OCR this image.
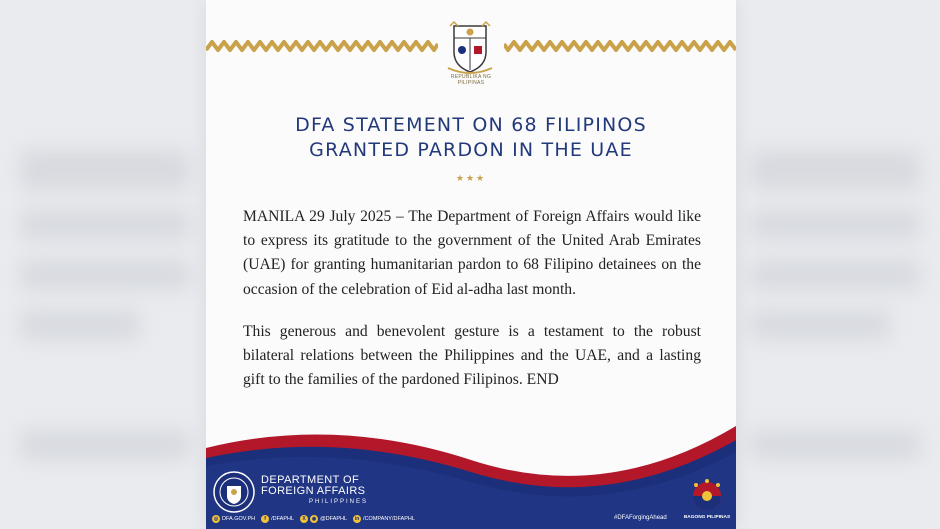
REPUBLIKA NG PILIPINAS
DFA STATEMENT ON 68 FILIPINOS
GRANTED PARDON IN THE UAE
★★★

MANILA 29 July 2025 – The Department of Foreign Affairs would like to express its gratitude to the government of the United Arab Emirates (UAE) for granting humanitarian pardon to 68 Filipino detainees on the occasion of the celebration of Eid al-adha last month.

This generous and benevolent gesture is a testament to the robust bilateral relations between the Philippines and the UAE, and a lasting gift to the families of the pardoned Filipinos. END

DEPARTMENT OF
FOREIGN AFFAIRS
PHILIPPINES
◎ DFA.GOV.PH	f /DFAPHL	X ◉ @DFAPHL	in /COMPANY/DFAPHL	#DFAForgingAhead	BAGONG PILIPINAS
